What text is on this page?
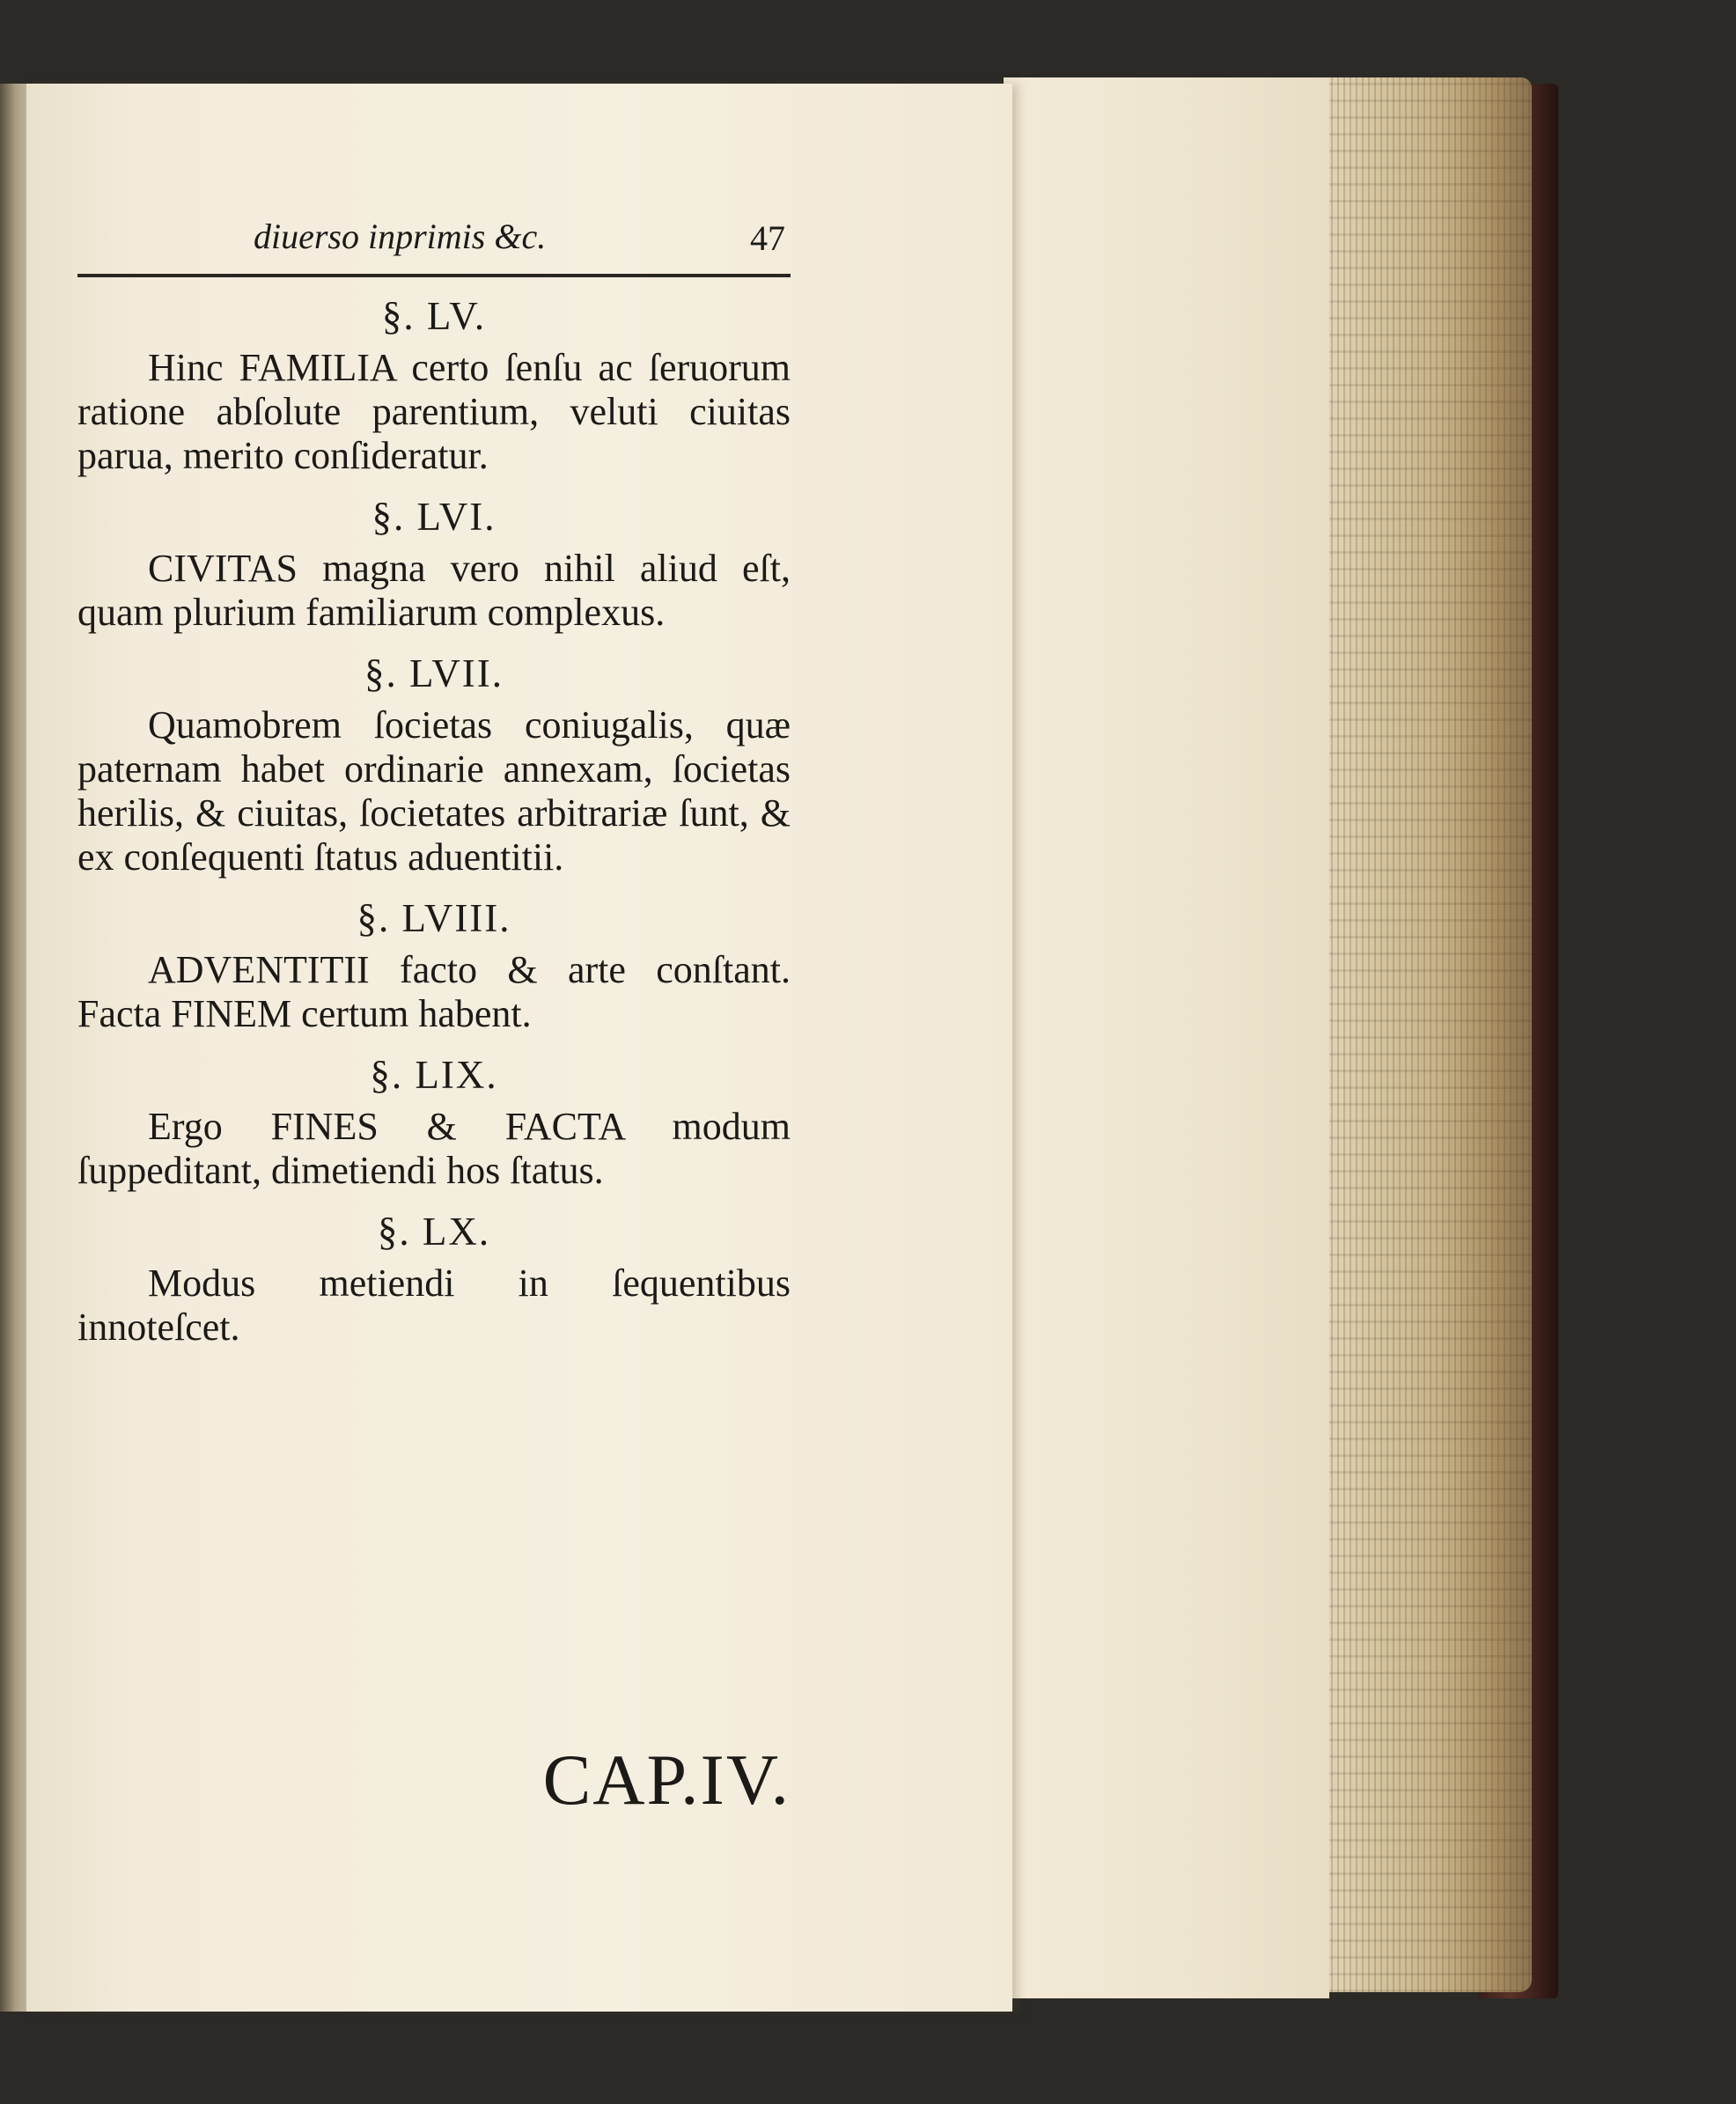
diuerso inprimis &c.	47
§. LV.

Hinc FAMILIA certo ſenſu ac ſeruorum ratione abſolute parentium, veluti ciuitas parua, merito conſideratur.

§. LVI.

CIVITAS magna vero nihil aliud eſt, quam plurium familiarum complexus.

§. LVII.

Quamobrem ſocietas coniugalis, quæ paternam habet ordinarie annexam, ſocietas herilis, & ciuitas, ſocietates arbitrariæ ſunt, & ex conſequenti ſtatus aduentitii.

§. LVIII.

ADVENTITII facto & arte conſtant. Facta FINEM certum habent.

§. LIX.

Ergo FINES & FACTA modum ſuppeditant, dimetiendi hos ſtatus.

§. LX.

Modus metiendi in ſequentibus innoteſcet.

CAP.IV.
